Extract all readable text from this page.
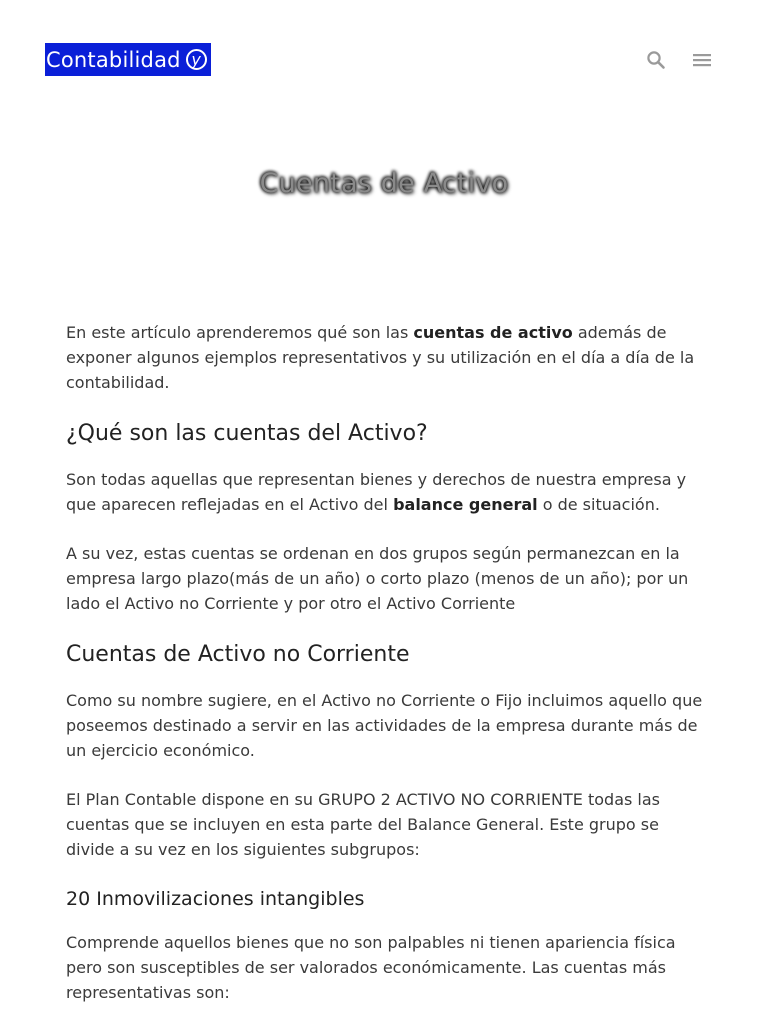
Contabilidad y
Cuentas de Activo

En este artículo aprenderemos qué son las cuentas de activo además de exponer algunos ejemplos representativos y su utilización en el día a día de la contabilidad.

¿Qué son las cuentas del Activo?

Son todas aquellas que representan bienes y derechos de nuestra empresa y que aparecen reflejadas en el Activo del balance general o de situación.

A su vez, estas cuentas se ordenan en dos grupos según permanezcan en la empresa largo plazo(más de un año) o corto plazo (menos de un año); por un lado el Activo no Corriente y por otro el Activo Corriente

Cuentas de Activo no Corriente

Como su nombre sugiere, en el Activo no Corriente o Fijo incluimos aquello que poseemos destinado a servir en las actividades de la empresa durante más de un ejercicio económico.

El Plan Contable dispone en su GRUPO 2 ACTIVO NO CORRIENTE todas las cuentas que se incluyen en esta parte del Balance General. Este grupo se divide a su vez en los siguientes subgrupos:

20 Inmovilizaciones intangibles

Comprende aquellos bienes que no son palpables ni tienen apariencia física pero son susceptibles de ser valorados económicamente. Las cuentas más representativas son:
